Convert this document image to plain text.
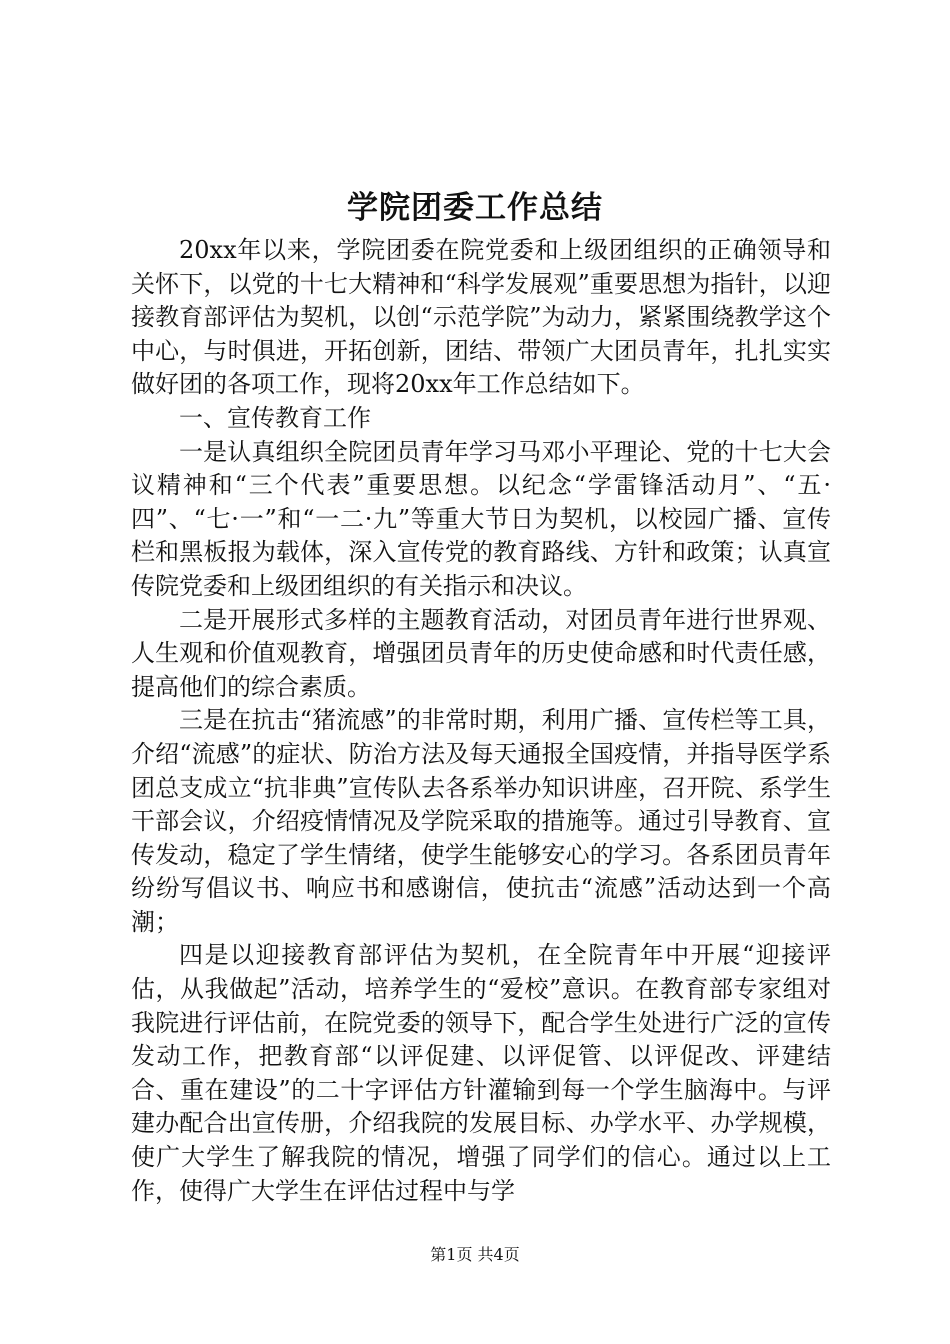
学院团委工作总结

20xx年以来，学院团委在院党委和上级团组织的正确领导和关怀下，以党的十七大精神和“科学发展观”重要思想为指针，以迎接教育部评估为契机，以创“示范学院”为动力，紧紧围绕教学这个中心，与时俱进，开拓创新，团结、带领广大团员青年，扎扎实实做好团的各项工作，现将20xx年工作总结如下。

一、宣传教育工作

一是认真组织全院团员青年学习马邓小平理论、党的十七大会议精神和“三个代表”重要思想。以纪念“学雷锋活动月”、“五·四”、“七·一”和“一二·九”等重大节日为契机，以校园广播、宣传栏和黑板报为载体，深入宣传党的教育路线、方针和政策；认真宣传院党委和上级团组织的有关指示和决议。

二是开展形式多样的主题教育活动，对团员青年进行世界观、人生观和价值观教育，增强团员青年的历史使命感和时代责任感，提高他们的综合素质。

三是在抗击“猪流感”的非常时期，利用广播、宣传栏等工具，介绍“流感”的症状、防治方法及每天通报全国疫情，并指导医学系团总支成立“抗非典”宣传队去各系举办知识讲座，召开院、系学生干部会议，介绍疫情情况及学院采取的措施等。通过引导教育、宣传发动，稳定了学生情绪，使学生能够安心的学习。各系团员青年纷纷写倡议书、响应书和感谢信，使抗击“流感”活动达到一个高潮；

四是以迎接教育部评估为契机，在全院青年中开展“迎接评估，从我做起”活动，培养学生的“爱校”意识。在教育部专家组对我院进行评估前，在院党委的领导下，配合学生处进行广泛的宣传发动工作，把教育部“以评促建、以评促管、以评促改、评建结合、重在建设”的二十字评估方针灌输到每一个学生脑海中。与评建办配合出宣传册，介绍我院的发展目标、办学水平、办学规模，使广大学生了解我院的情况，增强了同学们的信心。通过以上工作，使得广大学生在评估过程中与学

第1页 共4页
